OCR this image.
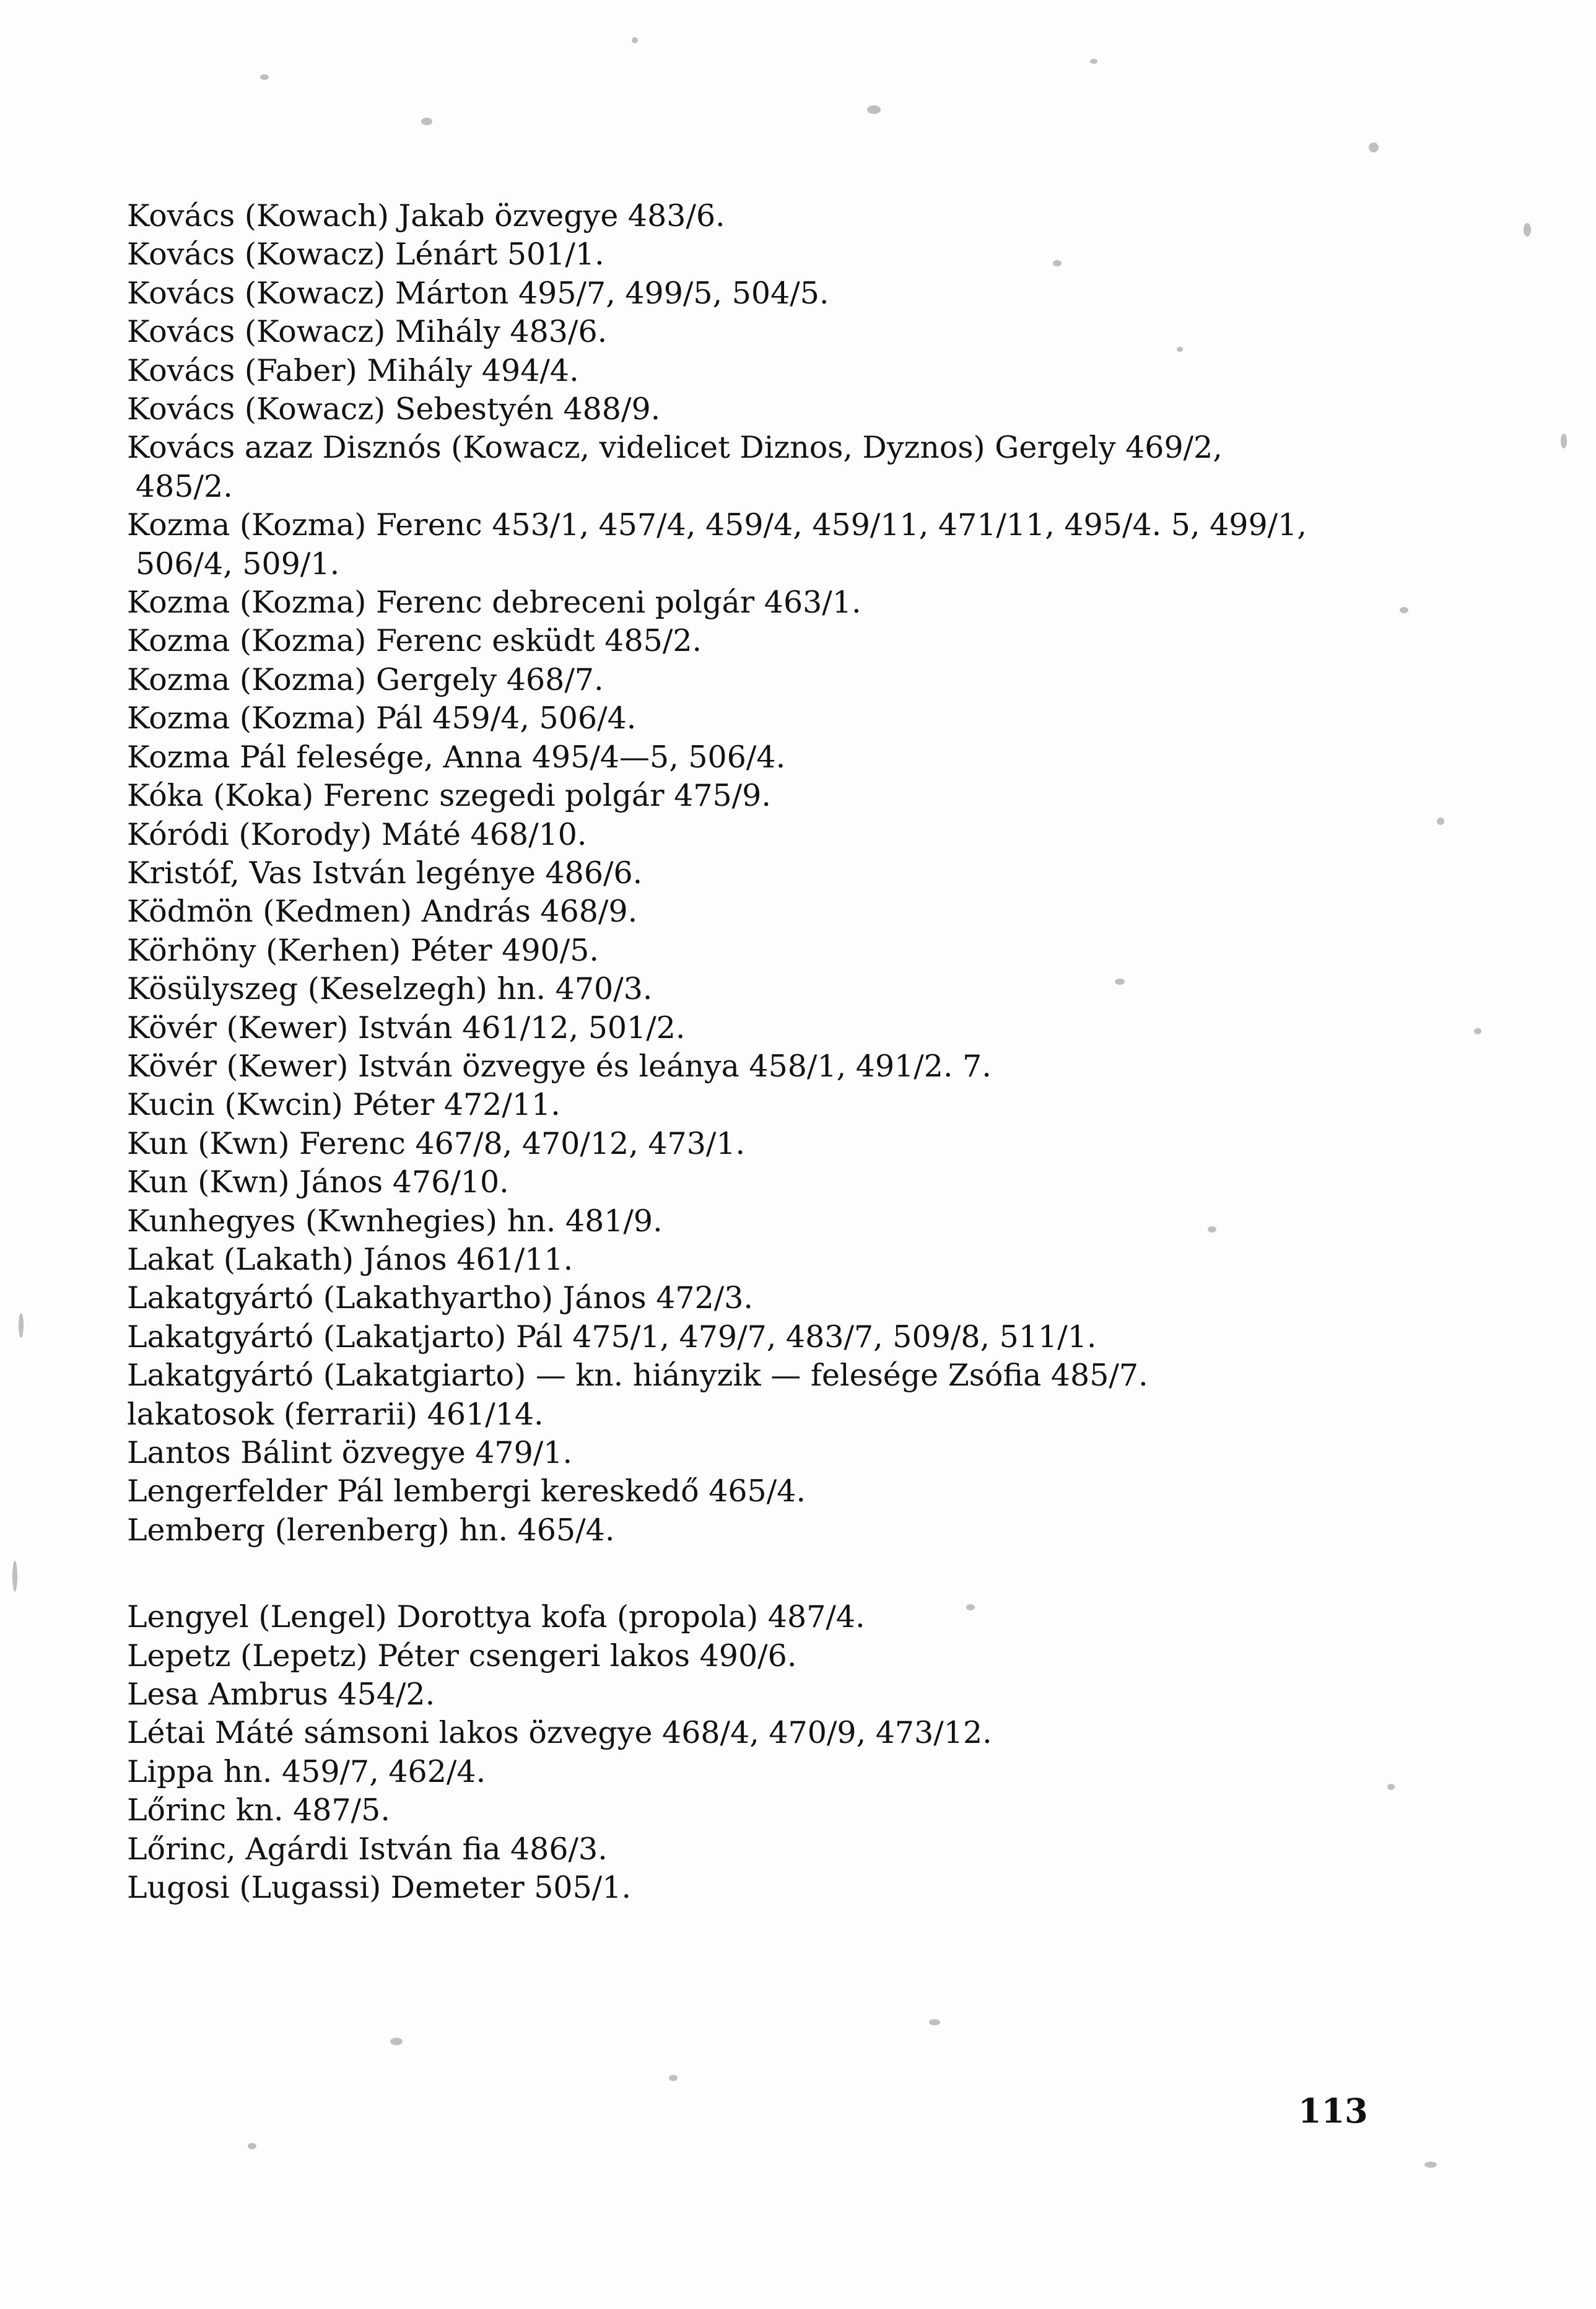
Kovács (Kowach) Jakab özvegye 483/6.

Kovács (Kowacz) Lénárt 501/1.

Kovács (Kowacz) Márton 495/7, 499/5, 504/5.

Kovács (Kowacz) Mihály 483/6.

Kovács (Faber) Mihály 494/4.

Kovács (Kowacz) Sebestyén 488/9.

Kovács azaz Disznós (Kowacz, videlicet Diznos, Dyznos) Gergely 469/2,

485/2.

Kozma (Kozma) Ferenc 453/1, 457/4, 459/4, 459/11, 471/11, 495/4. 5, 499/1,

506/4, 509/1.

Kozma (Kozma) Ferenc debreceni polgár 463/1.

Kozma (Kozma) Ferenc esküdt 485/2.

Kozma (Kozma) Gergely 468/7.

Kozma (Kozma) Pál 459/4, 506/4.

Kozma Pál felesége, Anna 495/4—5, 506/4.

Kóka (Koka) Ferenc szegedi polgár 475/9.

Kóródi (Korody) Máté 468/10.

Kristóf, Vas István legénye 486/6.

Ködmön (Kedmen) András 468/9.

Körhöny (Kerhen) Péter 490/5.

Kösülyszeg (Keselzegh) hn. 470/3.

Kövér (Kewer) István 461/12, 501/2.

Kövér (Kewer) István özvegye és leánya 458/1, 491/2. 7.

Kucin (Kwcin) Péter 472/11.

Kun (Kwn) Ferenc 467/8, 470/12, 473/1.

Kun (Kwn) János 476/10.

Kunhegyes (Kwnhegies) hn. 481/9.

Lakat (Lakath) János 461/11.

Lakatgyártó (Lakathyartho) János 472/3.

Lakatgyártó (Lakatjarto) Pál 475/1, 479/7, 483/7, 509/8, 511/1.

Lakatgyártó (Lakatgiarto) — kn. hiányzik — felesége Zsófia 485/7.

lakatosok (ferrarii) 461/14.

Lantos Bálint özvegye 479/1.

Lengerfelder Pál lembergi kereskedő 465/4.

Lemberg (lerenberg) hn. 465/4.

Lengyel (Lengel) Dorottya kofa (propola) 487/4.

Lepetz (Lepetz) Péter csengeri lakos 490/6.

Lesa Ambrus 454/2.

Létai Máté sámsoni lakos özvegye 468/4, 470/9, 473/12.

Lippa hn. 459/7, 462/4.

Lőrinc kn. 487/5.

Lőrinc, Agárdi István fia 486/3.

Lugosi (Lugassi) Demeter 505/1.

113
